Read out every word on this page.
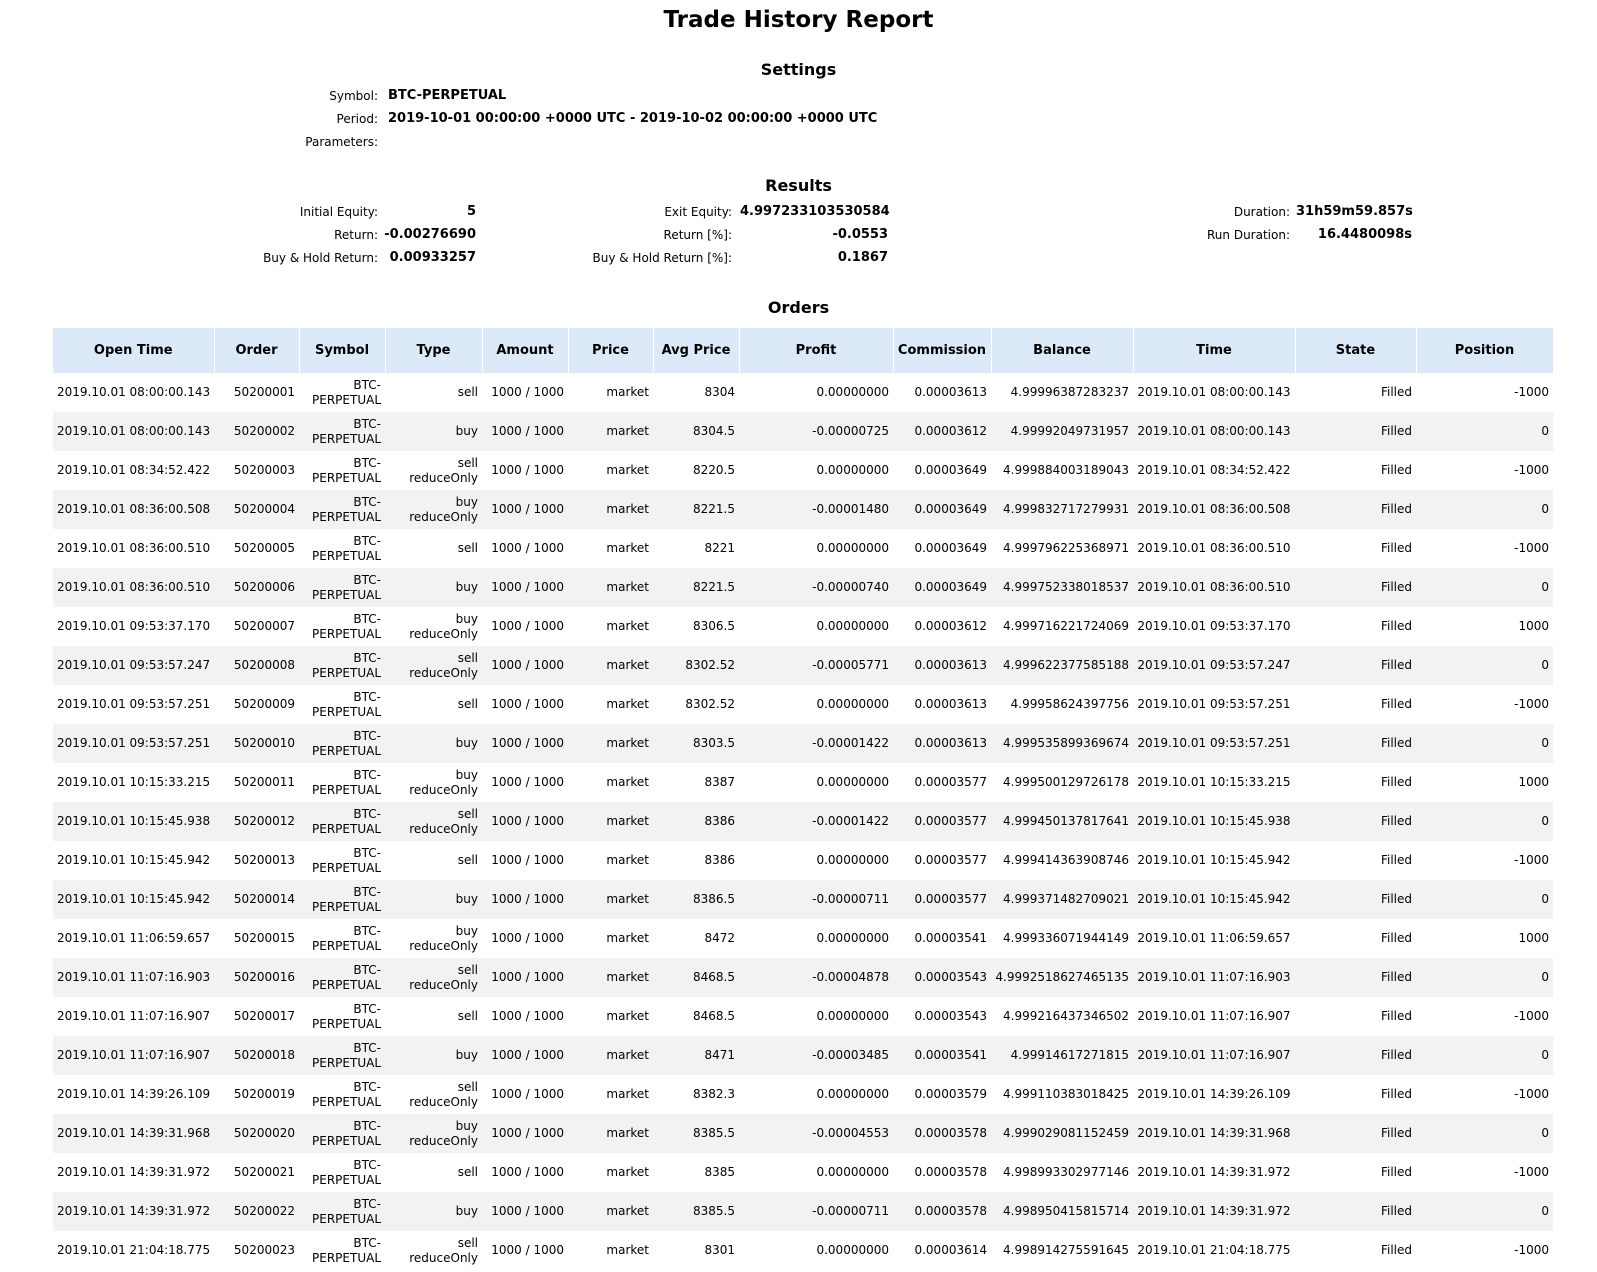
Trade History Report
Settings
Symbol: BTC-PERPETUAL
Period: 2019-10-01 00:00:00 +0000 UTC - 2019-10-02 00:00:00 +0000 UTC
Parameters:
Results
Initial Equity:	5
Return: -0.00276690
Buy & Hold Return: 0.00933257
Exit Equity: 4.997233103530584
Return [%]:	-0.0553
Buy & Hold Return [%]:	0.1867
Duration: 31h59m59.857s
Run Duration:	16.4480098s
Orders
Open Time	Order	Symbol	Type	Amount	Price	Avg Price	Profit	Commission	Balance	Time	State	Position
2019.10.01 08:00:00.143	50200001	BTC-
PERPETUAL	sell	1000 / 1000	market	8304	0.00000000	0.00003613	4.99996387283237	2019.10.01 08:00:00.143	Filled	-1000
2019.10.01 08:00:00.143	50200002	BTC-
PERPETUAL	buy	1000 / 1000	market	8304.5	-0.00000725	0.00003612	4.99992049731957	2019.10.01 08:00:00.143	Filled	0
2019.10.01 08:34:52.422	50200003	BTC-
PERPETUAL	sell
reduceOnly	1000 / 1000	market	8220.5	0.00000000	0.00003649	4.999884003189043	2019.10.01 08:34:52.422	Filled	-1000
2019.10.01 08:36:00.508	50200004	BTC-
PERPETUAL	buy
reduceOnly	1000 / 1000	market	8221.5	-0.00001480	0.00003649	4.999832717279931	2019.10.01 08:36:00.508	Filled	0
2019.10.01 08:36:00.510	50200005	BTC-
PERPETUAL	sell	1000 / 1000	market	8221	0.00000000	0.00003649	4.999796225368971	2019.10.01 08:36:00.510	Filled	-1000
2019.10.01 08:36:00.510	50200006	BTC-
PERPETUAL	buy	1000 / 1000	market	8221.5	-0.00000740	0.00003649	4.999752338018537	2019.10.01 08:36:00.510	Filled	0
2019.10.01 09:53:37.170	50200007	BTC-
PERPETUAL	buy
reduceOnly	1000 / 1000	market	8306.5	0.00000000	0.00003612	4.999716221724069	2019.10.01 09:53:37.170	Filled	1000
2019.10.01 09:53:57.247	50200008	BTC-
PERPETUAL	sell
reduceOnly	1000 / 1000	market	8302.52	-0.00005771	0.00003613	4.999622377585188	2019.10.01 09:53:57.247	Filled	0
2019.10.01 09:53:57.251	50200009	BTC-
PERPETUAL	sell	1000 / 1000	market	8302.52	0.00000000	0.00003613	4.99958624397756	2019.10.01 09:53:57.251	Filled	-1000
2019.10.01 09:53:57.251	50200010	BTC-
PERPETUAL	buy	1000 / 1000	market	8303.5	-0.00001422	0.00003613	4.999535899369674	2019.10.01 09:53:57.251	Filled	0
2019.10.01 10:15:33.215	50200011	BTC-
PERPETUAL	buy
reduceOnly	1000 / 1000	market	8387	0.00000000	0.00003577	4.999500129726178	2019.10.01 10:15:33.215	Filled	1000
2019.10.01 10:15:45.938	50200012	BTC-
PERPETUAL	sell
reduceOnly	1000 / 1000	market	8386	-0.00001422	0.00003577	4.999450137817641	2019.10.01 10:15:45.938	Filled	0
2019.10.01 10:15:45.942	50200013	BTC-
PERPETUAL	sell	1000 / 1000	market	8386	0.00000000	0.00003577	4.999414363908746	2019.10.01 10:15:45.942	Filled	-1000
2019.10.01 10:15:45.942	50200014	BTC-
PERPETUAL	buy	1000 / 1000	market	8386.5	-0.00000711	0.00003577	4.999371482709021	2019.10.01 10:15:45.942	Filled	0
2019.10.01 11:06:59.657	50200015	BTC-
PERPETUAL	buy
reduceOnly	1000 / 1000	market	8472	0.00000000	0.00003541	4.999336071944149	2019.10.01 11:06:59.657	Filled	1000
2019.10.01 11:07:16.903	50200016	BTC-
PERPETUAL	sell
reduceOnly	1000 / 1000	market	8468.5	-0.00004878	0.00003543	4.9992518627465135	2019.10.01 11:07:16.903	Filled	0
2019.10.01 11:07:16.907	50200017	BTC-
PERPETUAL	sell	1000 / 1000	market	8468.5	0.00000000	0.00003543	4.999216437346502	2019.10.01 11:07:16.907	Filled	-1000
2019.10.01 11:07:16.907	50200018	BTC-
PERPETUAL	buy	1000 / 1000	market	8471	-0.00003485	0.00003541	4.99914617271815	2019.10.01 11:07:16.907	Filled	0
2019.10.01 14:39:26.109	50200019	BTC-
PERPETUAL	sell
reduceOnly	1000 / 1000	market	8382.3	0.00000000	0.00003579	4.999110383018425	2019.10.01 14:39:26.109	Filled	-1000
2019.10.01 14:39:31.968	50200020	BTC-
PERPETUAL	buy
reduceOnly	1000 / 1000	market	8385.5	-0.00004553	0.00003578	4.999029081152459	2019.10.01 14:39:31.968	Filled	0
2019.10.01 14:39:31.972	50200021	BTC-
PERPETUAL	sell	1000 / 1000	market	8385	0.00000000	0.00003578	4.998993302977146	2019.10.01 14:39:31.972	Filled	-1000
2019.10.01 14:39:31.972	50200022	BTC-
PERPETUAL	buy	1000 / 1000	market	8385.5	-0.00000711	0.00003578	4.998950415815714	2019.10.01 14:39:31.972	Filled	0
2019.10.01 21:04:18.775	50200023	BTC-
PERPETUAL	sell
reduceOnly	1000 / 1000	market	8301	0.00000000	0.00003614	4.998914275591645	2019.10.01 21:04:18.775	Filled	-1000
